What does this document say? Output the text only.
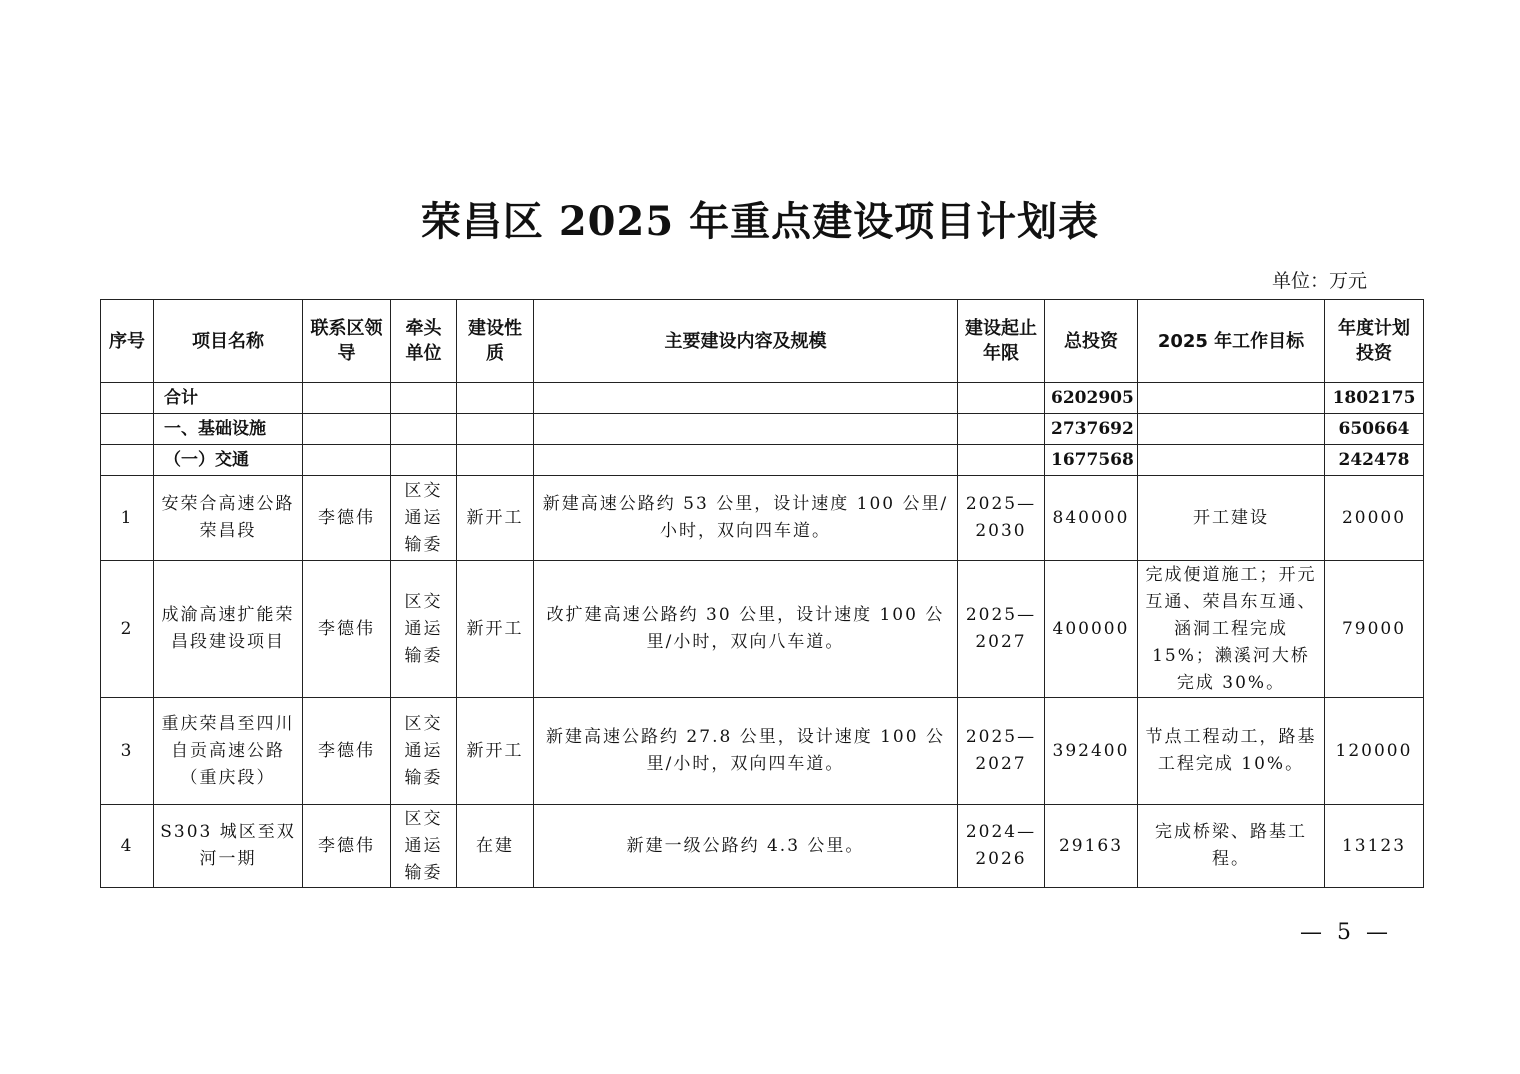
荣昌区 2025 年重点建设项目计划表
单位：万元
序号	项目名称	联系区领导	牵头单位	建设性质	主要建设内容及规模	建设起止年限	总投资	2025 年工作目标	年度计划投资
	合计						6202905		1802175
	一、基础设施						2737692		650664
	（一）交通						1677568		242478
1	安荣合高速公路荣昌段	李德伟	区交通运输委	新开工	新建高速公路约 53 公里，设计速度 100 公里/小时，双向四车道。	2025—2030	840000	开工建设	20000
2	成渝高速扩能荣昌段建设项目	李德伟	区交通运输委	新开工	改扩建高速公路约 30 公里，设计速度 100 公里/小时，双向八车道。	2025—2027	400000	完成便道施工；开元互通、荣昌东互通、涵洞工程完成 15%；濑溪河大桥完成 30%。	79000
3	重庆荣昌至四川自贡高速公路（重庆段）	李德伟	区交通运输委	新开工	新建高速公路约 27.8 公里，设计速度 100 公里/小时，双向四车道。	2025—2027	392400	节点工程动工，路基工程完成 10%。	120000
4	S303 城区至双河一期	李德伟	区交通运输委	在建	新建一级公路约 4.3 公里。	2024—2026	29163	完成桥梁、路基工程。	13123
— 5 —
